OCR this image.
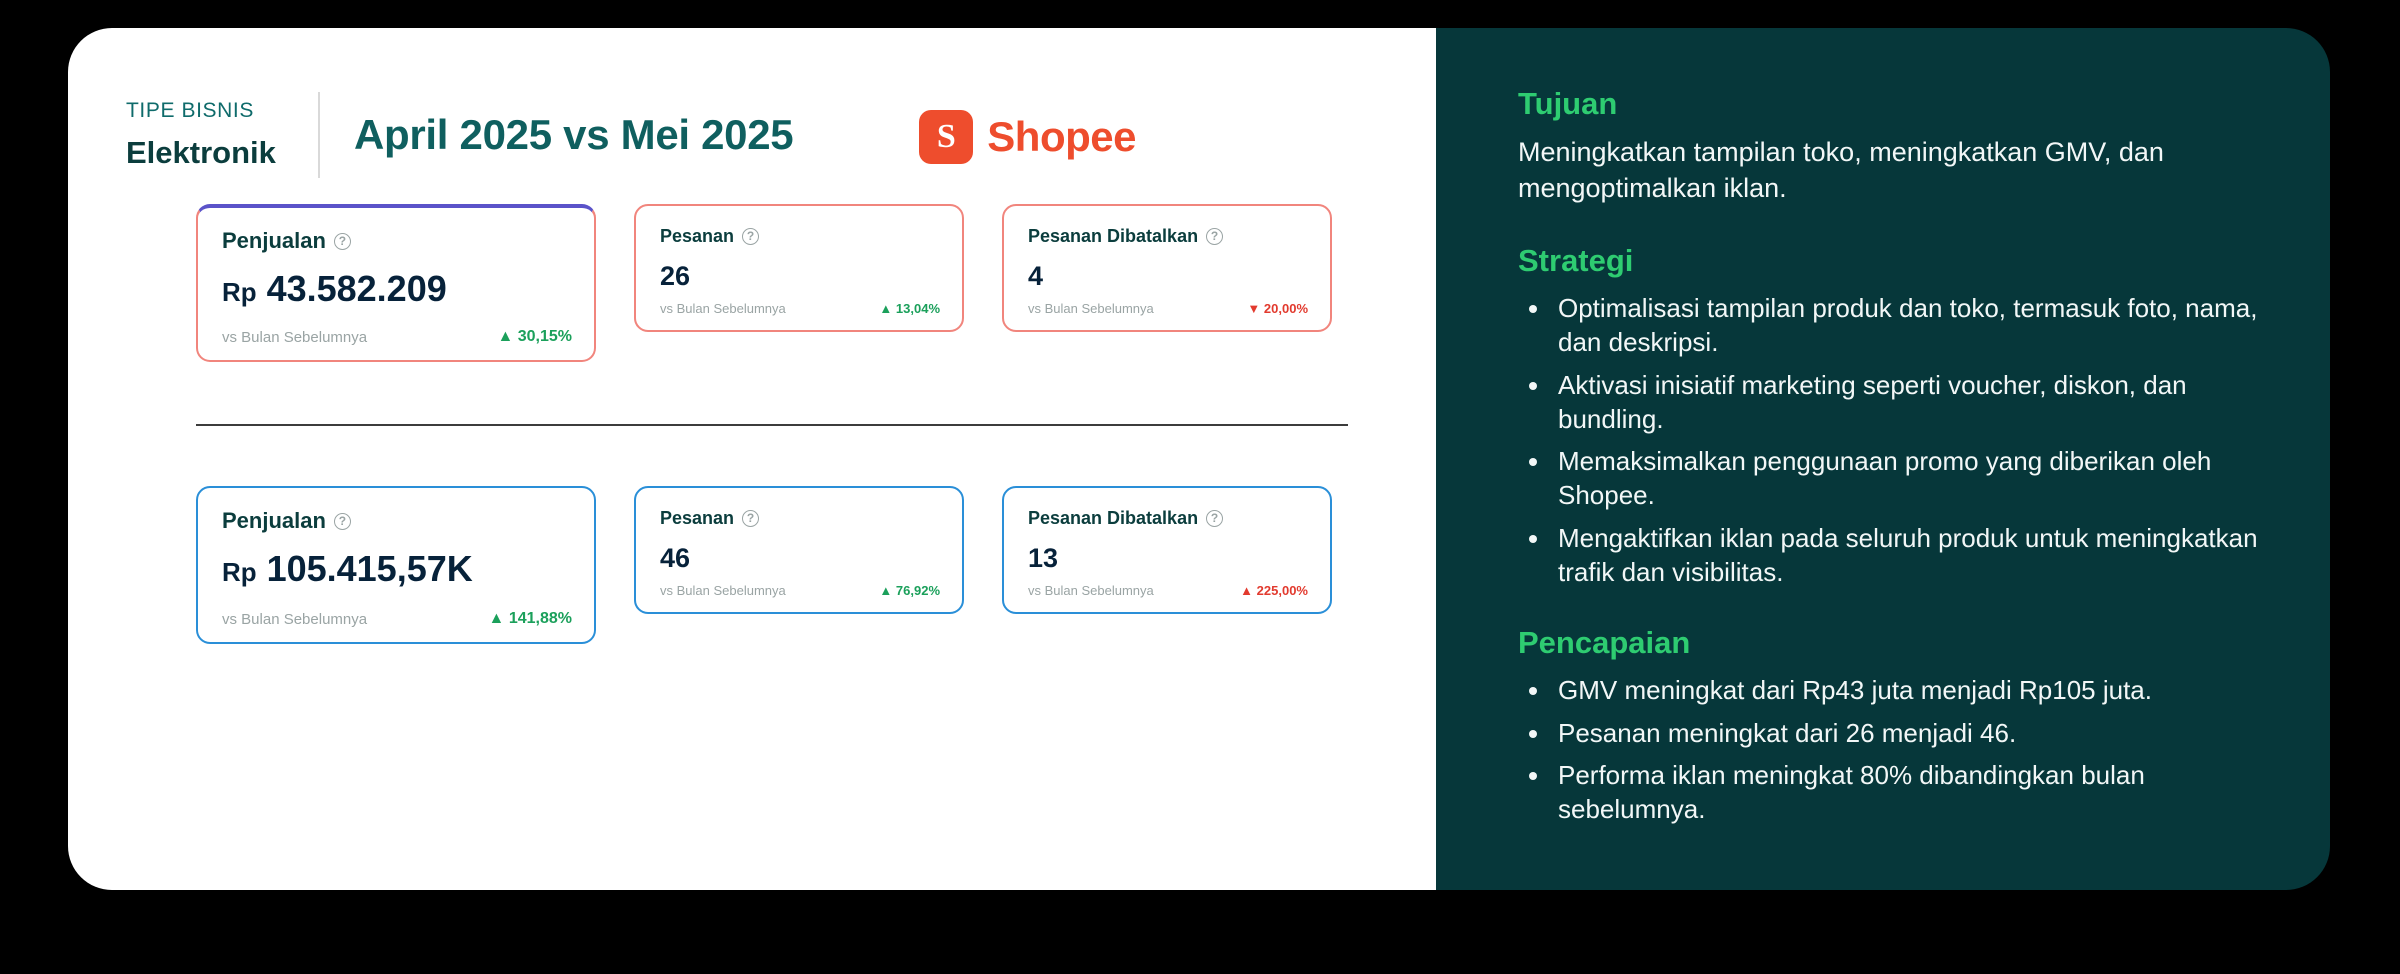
TIPE BISNIS
Elektronik	April 2025 vs Mei 2025	S Shopee
Penjualan	?
Rp 43.582.209
vs Bulan Sebelumnya	▲ 30,15%
Pesanan	?
26
vs Bulan Sebelumnya	▲ 13,04%
Pesanan Dibatalkan	?
4
vs Bulan Sebelumnya	▼ 20,00%
Penjualan	?
Rp 105.415,57K
vs Bulan Sebelumnya	▲ 141,88%
Pesanan	?
46
vs Bulan Sebelumnya	▲ 76,92%
Pesanan Dibatalkan	?
13
vs Bulan Sebelumnya	▲ 225,00%
Tujuan
Meningkatkan tampilan toko, meningkatkan GMV, dan mengoptimalkan iklan.
Strategi
• Optimalisasi tampilan produk dan toko, termasuk foto, nama, dan deskripsi.
• Aktivasi inisiatif marketing seperti voucher, diskon, dan bundling.
• Memaksimalkan penggunaan promo yang diberikan oleh Shopee.
• Mengaktifkan iklan pada seluruh produk untuk meningkatkan trafik dan visibilitas.
Pencapaian
• GMV meningkat dari Rp43 juta menjadi Rp105 juta.
• Pesanan meningkat dari 26 menjadi 46.
• Performa iklan meningkat 80% dibandingkan bulan sebelumnya.
